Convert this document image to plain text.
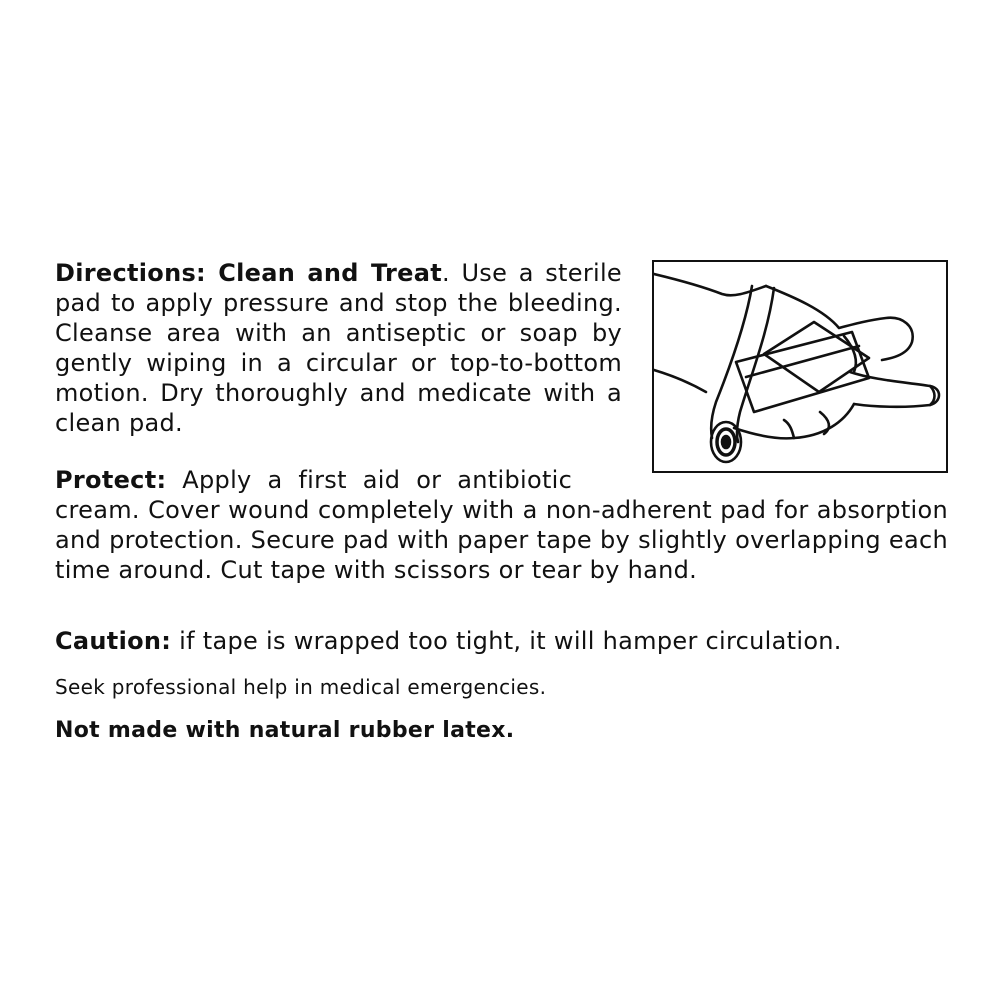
Directions: Clean and Treat. Use a sterile pad to apply pressure and stop the bleeding. Cleanse area with an antiseptic or soap by gently wiping in a circular or top-to-bottom motion. Dry thoroughly and medicate with a clean pad.

Protect: Apply a first aid or antibiotic

cream. Cover wound completely with a non-adherent pad for absorption and protection. Secure pad with paper tape by slightly overlapping each time around. Cut tape with scissors or tear by hand.

Caution: if tape is wrapped too tight, it will hamper circulation.

Seek professional help in medical emergencies.

Not made with natural rubber latex.
